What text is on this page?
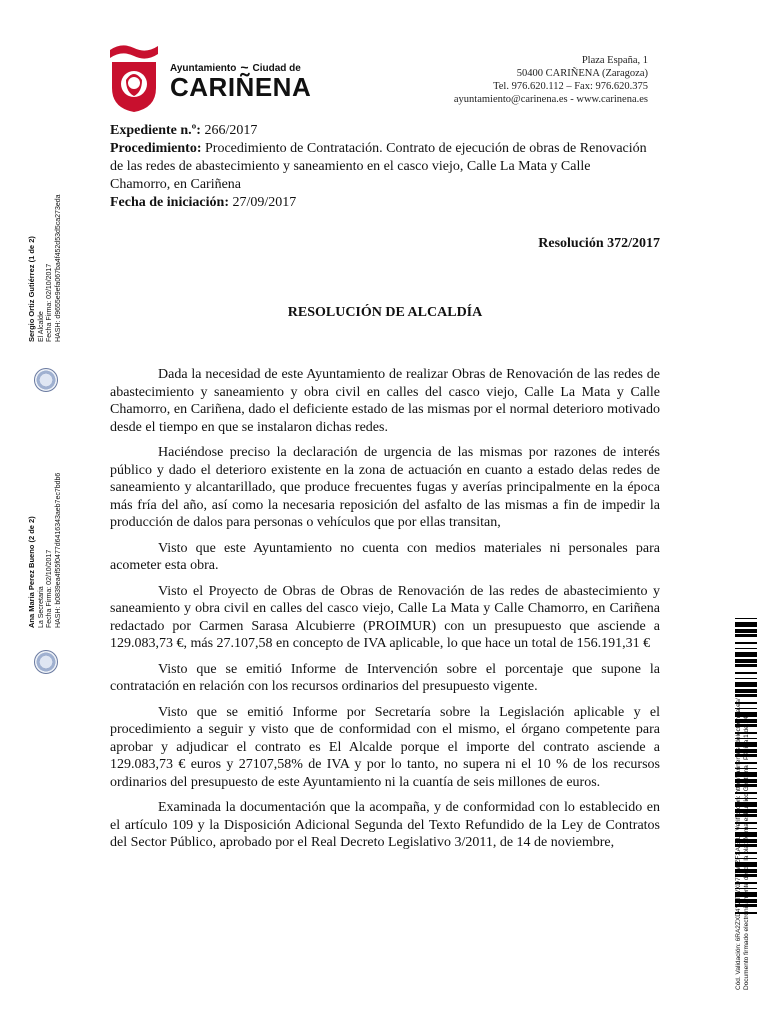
Ayuntamiento ~ Ciudad de
CARIÑENA
Plaza España, 1
50400 CARIÑENA (Zaragoza)
Tel. 976.620.112 – Fax: 976.620.375
ayuntamiento@carinena.es - www.carinena.es
Expediente n.º: 266/2017
Procedimiento: Procedimiento de Contratación. Contrato de ejecución de obras de Renovación de las redes de abastecimiento y saneamiento en el casco viejo, Calle La Mata y Calle Chamorro, en Cariñena
Fecha de iniciación: 27/09/2017
Resolución 372/2017
RESOLUCIÓN DE ALCALDÍA

Dada la necesidad de este Ayuntamiento de realizar Obras de Renovación de las redes de abastecimiento y saneamiento y obra civil en calles del casco viejo, Calle La Mata y Calle Chamorro, en Cariñena, dado el deficiente estado de las mismas por el normal deterioro motivado desde el tiempo en que se instalaron dichas redes.

Haciéndose preciso la declaración de urgencia de las mismas por razones de interés público y dado el deterioro existente en la zona de actuación en cuanto a estado delas redes de saneamiento y alcantarillado, que produce frecuentes fugas y averías principalmente en la época más fría del año, así como la necesaria reposición del asfalto de las mismas a fin de impedir la producción de dalos para personas o vehículos que por ellas transitan,

Visto que este Ayuntamiento no cuenta con medios materiales ni personales para acometer esta obra.

Visto el Proyecto de Obras de Obras de Renovación de las redes de abastecimiento y saneamiento y obra civil en calles del casco viejo, Calle La Mata y Calle Chamorro, en Cariñena redactado por Carmen Sarasa Alcubierre (PROIMUR) con un presupuesto que asciende a 129.083,73 €, más 27.107,58 en concepto de IVA aplicable, lo que hace un total de 156.191,31 €

Visto que se emitió Informe de Intervención sobre el porcentaje que supone la contratación en relación con los recursos ordinarios del presupuesto vigente.

Visto que se emitió Informe por Secretaría sobre la Legislación aplicable y el procedimiento a seguir y visto que de conformidad con el mismo, el órgano competente para aprobar y adjudicar el contrato es El Alcalde porque el importe del contrato asciende a 129.083,73 € euros y 27107,58% de IVA y por lo tanto, no supera ni el 10 % de los recursos ordinarios del presupuesto de este Ayuntamiento ni la cuantía de seis millones de euros.

Examinada la documentación que la acompaña, y de conformidad con lo establecido en el artículo 109 y la Disposición Adicional Segunda del Texto Refundido de la Ley de Contratos del Sector Público, aprobado por el Real Decreto Legislativo 3/2011, de 14 de noviembre,

Sergio Ortiz Gutiérrez (1 de 2) El Alcalde Fecha Firma: 02/10/2017 HASH: d9655e9efa067ba4f452d53d5ca273eda
Ana Maria Perez Bueno (2 de 2) La Secretaria Fecha Firma: 02/10/2017 HASH: b0839ea4f55f0477d6416343aeb7ec7bdb6
